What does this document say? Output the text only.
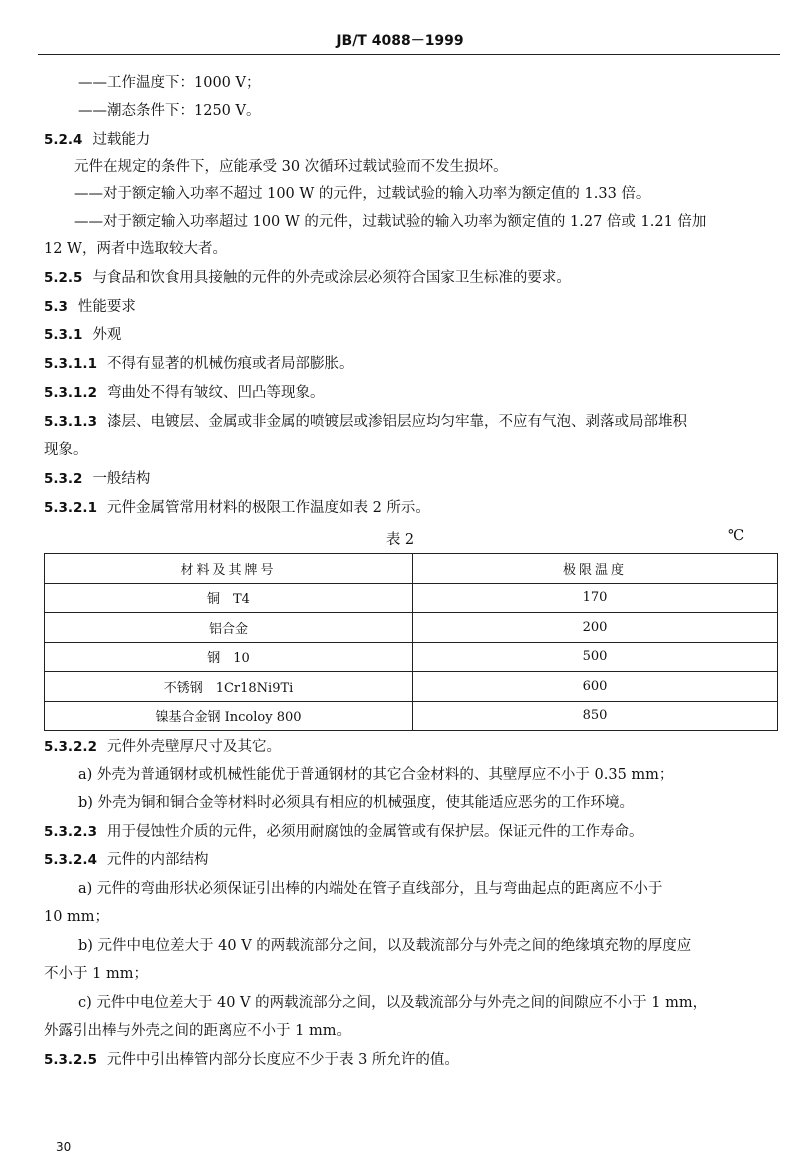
JB/T 4088－1999
——工作温度下：1000 V；
——潮态条件下：1250 V。
5.2.4 过载能力
元件在规定的条件下，应能承受 30 次循环过载试验而不发生损坏。
——对于额定输入功率不超过 100 W 的元件，过载试验的输入功率为额定值的 1.33 倍。
——对于额定输入功率超过 100 W 的元件，过载试验的输入功率为额定值的 1.27 倍或 1.21 倍加
12 W，两者中选取较大者。
5.2.5 与食品和饮食用具接触的元件的外壳或涂层必须符合国家卫生标准的要求。
5.3 性能要求
5.3.1 外观
5.3.1.1 不得有显著的机械伤痕或者局部膨胀。
5.3.1.2 弯曲处不得有皱纹、凹凸等现象。
5.3.1.3 漆层、电镀层、金属或非金属的喷镀层或渗铝层应均匀牢靠，不应有气泡、剥落或局部堆积
现象。
5.3.2 一般结构
5.3.2.1 元件金属管常用材料的极限工作温度如表 2 所示。
表 2	℃
材料及其牌号	极限温度
铜　T4	170
铝合金	200
钢　10	500
不锈钢　1Cr18Ni9Ti	600
镍基合金钢 Incoloy 800	850
5.3.2.2 元件外壳壁厚尺寸及其它。
a) 外壳为普通钢材或机械性能优于普通钢材的其它合金材料的、其壁厚应不小于 0.35 mm；
b) 外壳为铜和铜合金等材料时必须具有相应的机械强度，使其能适应恶劣的工作环境。
5.3.2.3 用于侵蚀性介质的元件，必须用耐腐蚀的金属管或有保护层。保证元件的工作寿命。
5.3.2.4 元件的内部结构
a) 元件的弯曲形状必须保证引出棒的内端处在管子直线部分，且与弯曲起点的距离应不小于
10 mm；
b) 元件中电位差大于 40 V 的两载流部分之间，以及载流部分与外壳之间的绝缘填充物的厚度应
不小于 1 mm；
c) 元件中电位差大于 40 V 的两载流部分之间，以及载流部分与外壳之间的间隙应不小于 1 mm，
外露引出棒与外壳之间的距离应不小于 1 mm。
5.3.2.5 元件中引出棒管内部分长度应不少于表 3 所允许的值。
30
